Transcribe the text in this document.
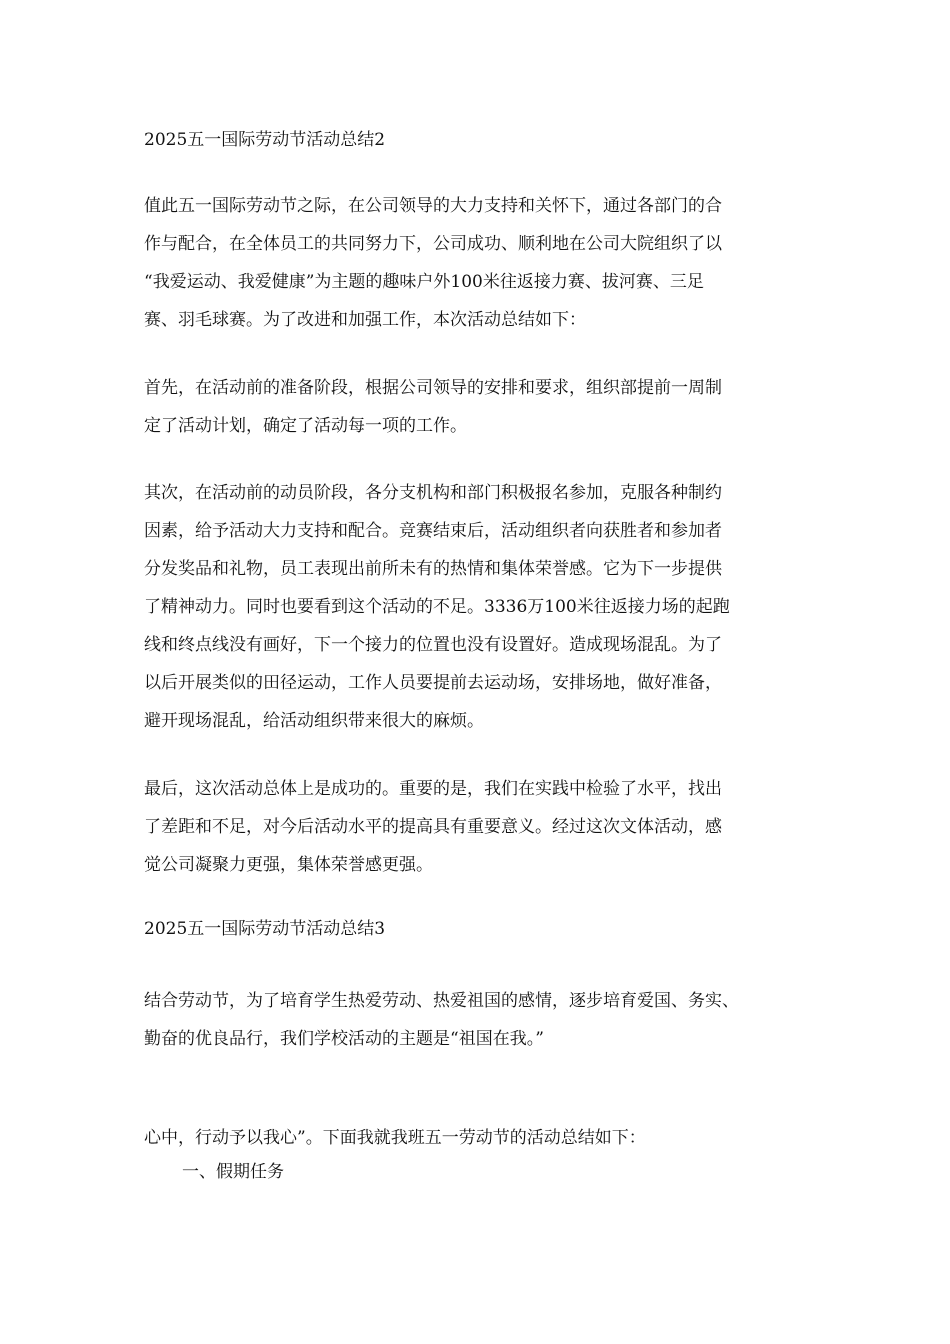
2025五一国际劳动节活动总结2
值此五一国际劳动节之际，在公司领导的大力支持和关怀下，通过各部门的合
作与配合，在全体员工的共同努力下，公司成功、顺利地在公司大院组织了以
“我爱运动、我爱健康”为主题的趣味户外100米往返接力赛、拔河赛、三足
赛、羽毛球赛。为了改进和加强工作，本次活动总结如下：
首先，在活动前的准备阶段，根据公司领导的安排和要求，组织部提前一周制
定了活动计划，确定了活动每一项的工作。
其次，在活动前的动员阶段，各分支机构和部门积极报名参加，克服各种制约
因素，给予活动大力支持和配合。竞赛结束后，活动组织者向获胜者和参加者
分发奖品和礼物，员工表现出前所未有的热情和集体荣誉感。它为下一步提供
了精神动力。同时也要看到这个活动的不足。3336万100米往返接力场的起跑
线和终点线没有画好，下一个接力的位置也没有设置好。造成现场混乱。为了
以后开展类似的田径运动，工作人员要提前去运动场，安排场地，做好准备，
避开现场混乱，给活动组织带来很大的麻烦。
最后，这次活动总体上是成功的。重要的是，我们在实践中检验了水平，找出
了差距和不足，对今后活动水平的提高具有重要意义。经过这次文体活动，感
觉公司凝聚力更强，集体荣誉感更强。
2025五一国际劳动节活动总结3
结合劳动节，为了培育学生热爱劳动、热爱祖国的感情，逐步培育爱国、务实、
勤奋的优良品行，我们学校活动的主题是“祖国在我。”
心中，行动予以我心”。下面我就我班五一劳动节的活动总结如下：
一、假期任务
